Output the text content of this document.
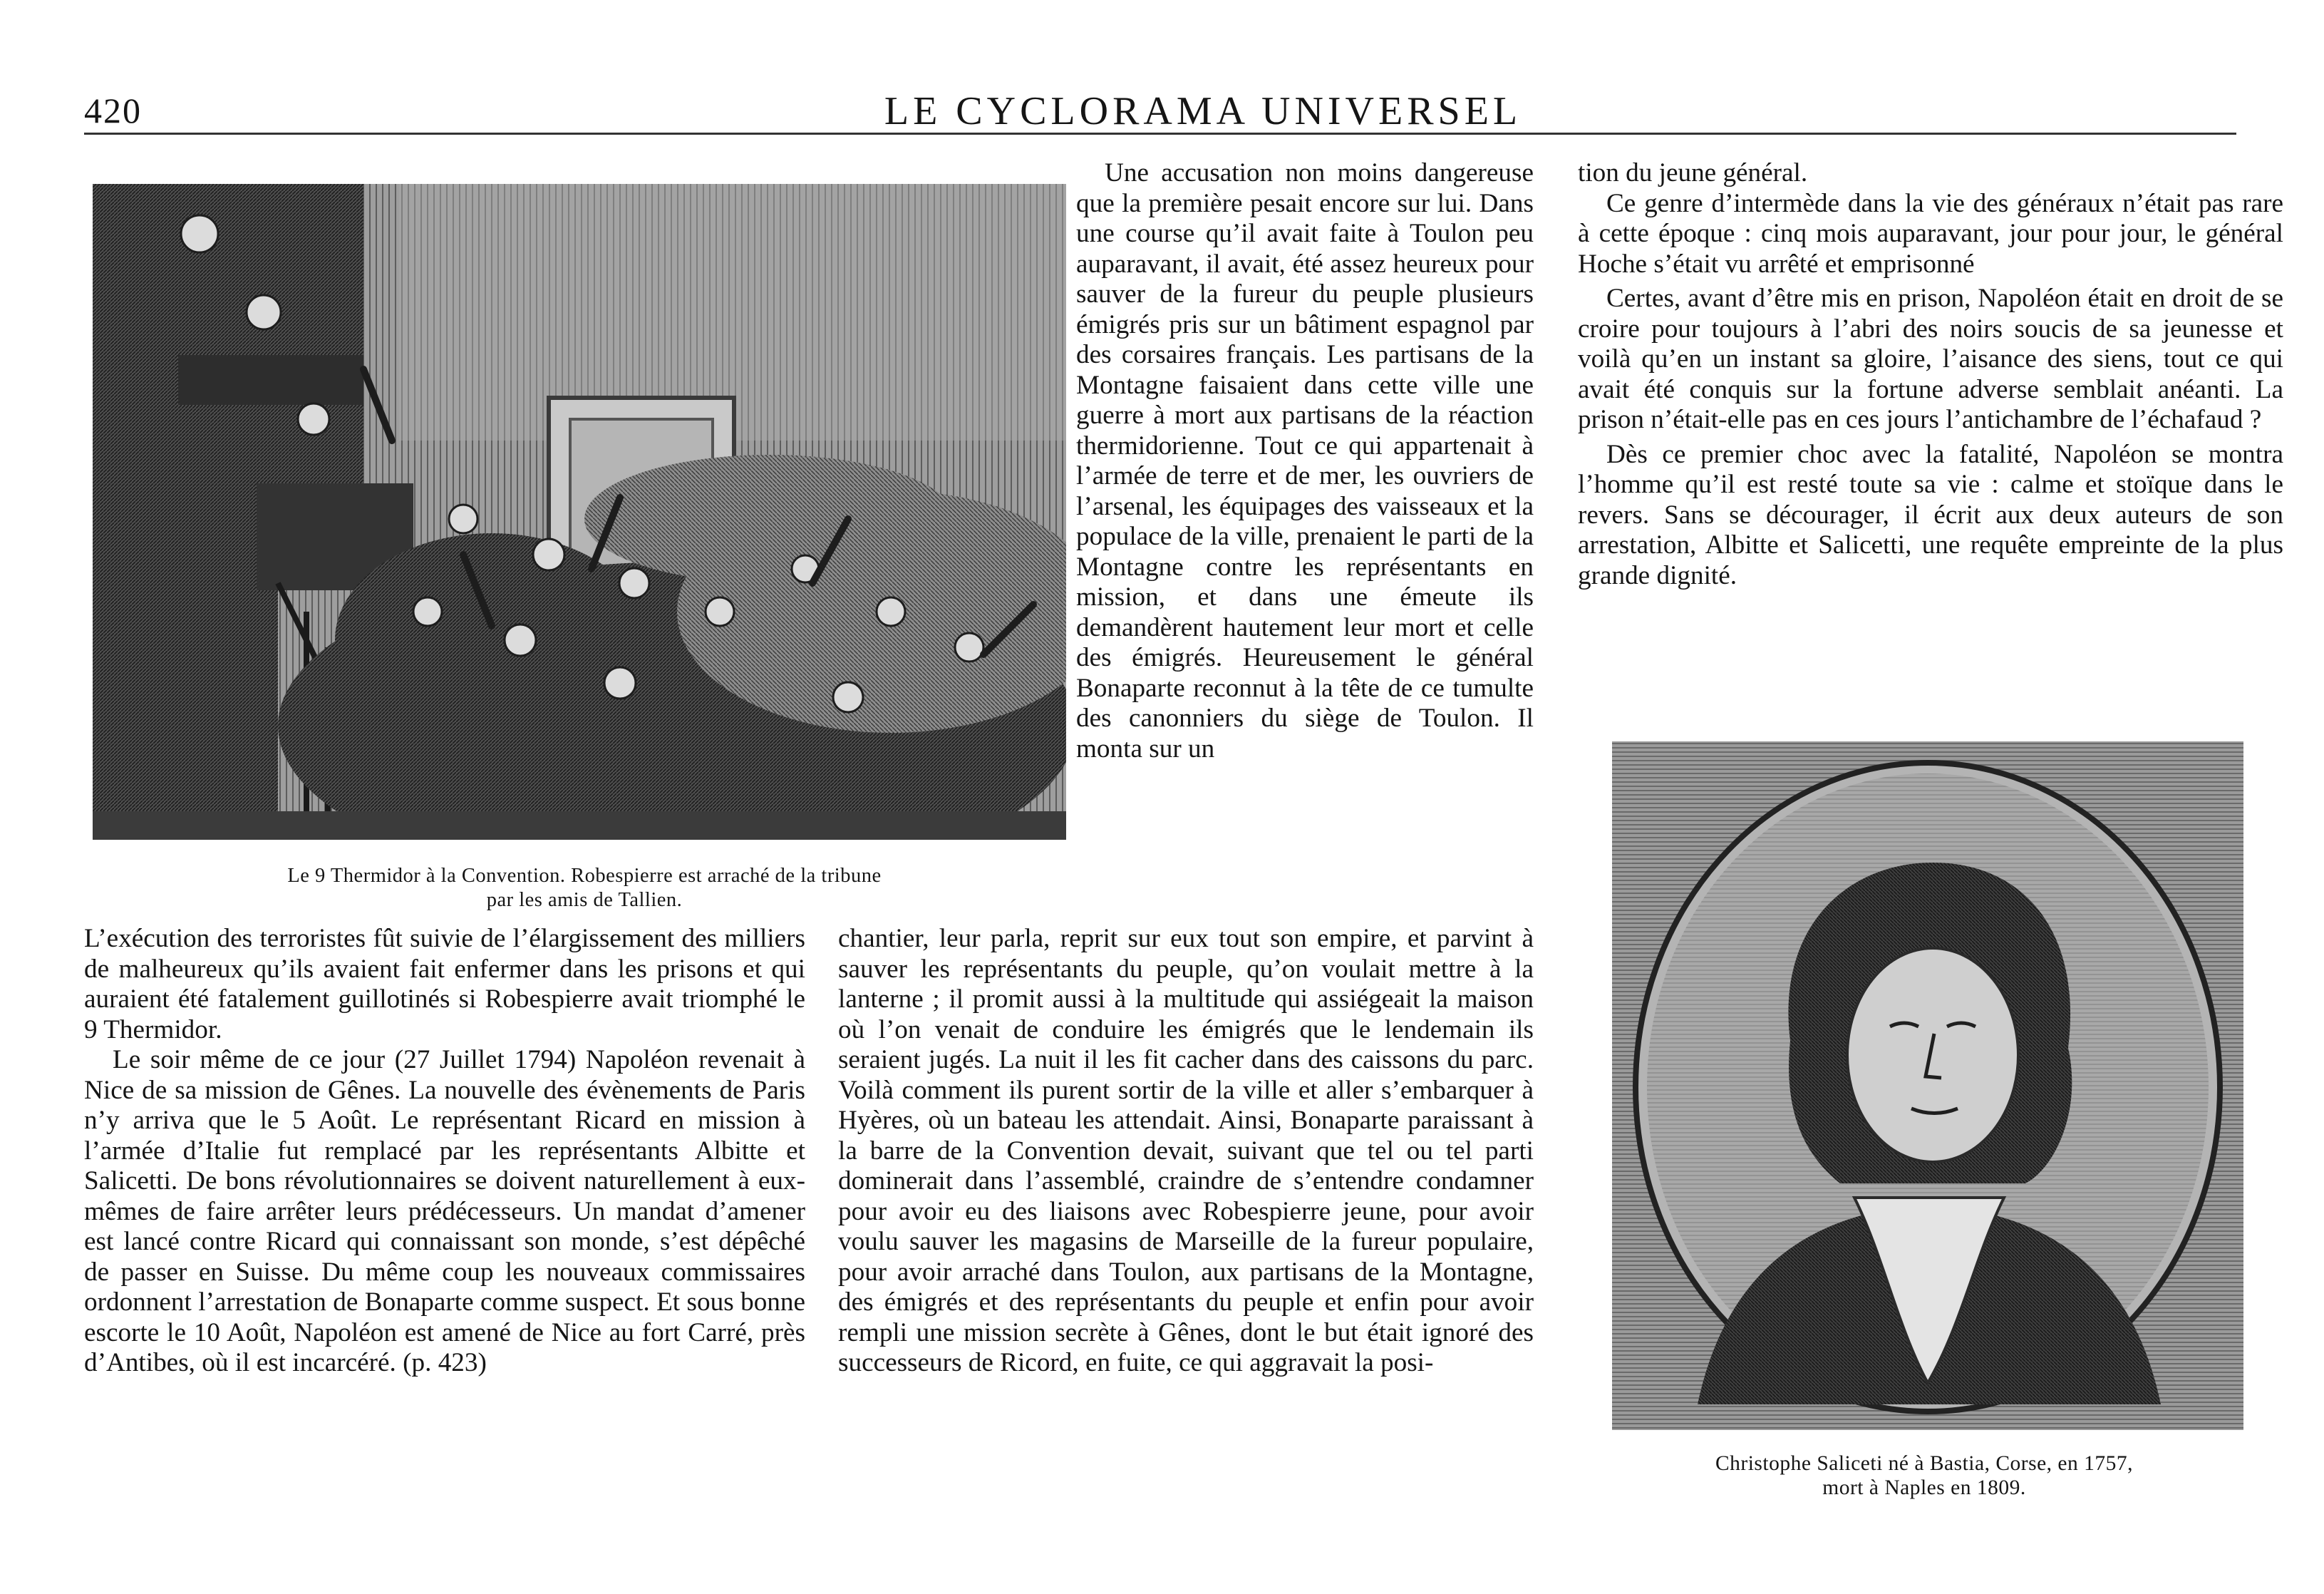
420	LE CYCLORAMA UNIVERSEL
Le 9 Thermidor à la Convention. Robespierre est arraché de la tribune
par les amis de Tallien.

L’exécution des terroristes fût suivie de l’élargissement des milliers de malheureux qu’ils avaient fait enfermer dans les prisons et qui auraient été fatalement guillotinés si Robespierre avait triomphé le 9 Thermidor.

Le soir même de ce jour (27 Juillet 1794) Napoléon revenait à Nice de sa mission de Gênes. La nouvelle des évènements de Paris n’y arriva que le 5 Août. Le représentant Ricard en mission à l’armée d’Italie fut remplacé par les représentants Albitte et Salicetti. De bons révolutionnaires se doivent naturellement à eux-mêmes de faire arrêter leurs prédécesseurs. Un mandat d’amener est lancé contre Ricard qui connaissant son monde, s’est dépêché de passer en Suisse. Du même coup les nouveaux commissaires ordonnent l’arrestation de Bonaparte comme suspect. Et sous bonne escorte le 10 Août, Napoléon est amené de Nice au fort Carré, près d’Antibes, où il est incarcéré. (p. 423)

Une accusation non moins dangereuse que la première pesait encore sur lui. Dans une course qu’il avait faite à Toulon peu auparavant, il avait, été assez heureux pour sauver de la fureur du peuple plusieurs émigrés pris sur un bâtiment espagnol par des corsaires français. Les partisans de la Montagne faisaient dans cette ville une guerre à mort aux partisans de la réaction thermidorienne. Tout ce qui appartenait à l’armée de terre et de mer, les ouvriers de l’arsenal, les équipages des vaisseaux et la populace de la ville, prenaient le parti de la Montagne contre les représentants en mission, et dans une émeute ils demandèrent hautement leur mort et celle des émigrés. Heureusement le général Bonaparte reconnut à la tête de ce tumulte des canonniers du siège de Toulon. Il monta sur un

chantier, leur parla, reprit sur eux tout son empire, et parvint à sauver les représentants du peuple, qu’on voulait mettre à la lanterne ; il promit aussi à la multitude qui assiégeait la maison où l’on venait de conduire les émigrés que le lendemain ils seraient jugés. La nuit il les fit cacher dans des caissons du parc. Voilà comment ils purent sortir de la ville et aller s’embarquer à Hyères, où un bateau les attendait. Ainsi, Bonaparte paraissant à la barre de la Convention devait, suivant que tel ou tel parti dominerait dans l’assemblé, craindre de s’entendre condamner pour avoir eu des liaisons avec Robespierre jeune, pour avoir voulu sauver les magasins de Marseille de la fureur populaire, pour avoir arraché dans Toulon, aux partisans de la Montagne, des émigrés et des représentants du peuple et enfin pour avoir rempli une mission secrète à Gênes, dont le but était ignoré des successeurs de Ricord, en fuite, ce qui aggravait la posi-

tion du jeune général.

Ce genre d’intermède dans la vie des généraux n’était pas rare à cette époque : cinq mois auparavant, jour pour jour, le général Hoche s’était vu arrêté et emprisonné

Certes, avant d’être mis en prison, Napoléon était en droit de se croire pour toujours à l’abri des noirs soucis de sa jeunesse et voilà qu’en un instant sa gloire, l’aisance des siens, tout ce qui avait été conquis sur la fortune adverse semblait anéanti. La prison n’était-elle pas en ces jours l’antichambre de l’échafaud ?

Dès ce premier choc avec la fatalité, Napoléon se montra l’homme qu’il est resté toute sa vie : calme et stoïque dans le revers. Sans se décourager, il écrit aux deux auteurs de son arrestation, Albitte et Salicetti, une requête empreinte de la plus grande dignité.

Christophe Saliceti né à Bastia, Corse, en 1757,
mort à Naples en 1809.
